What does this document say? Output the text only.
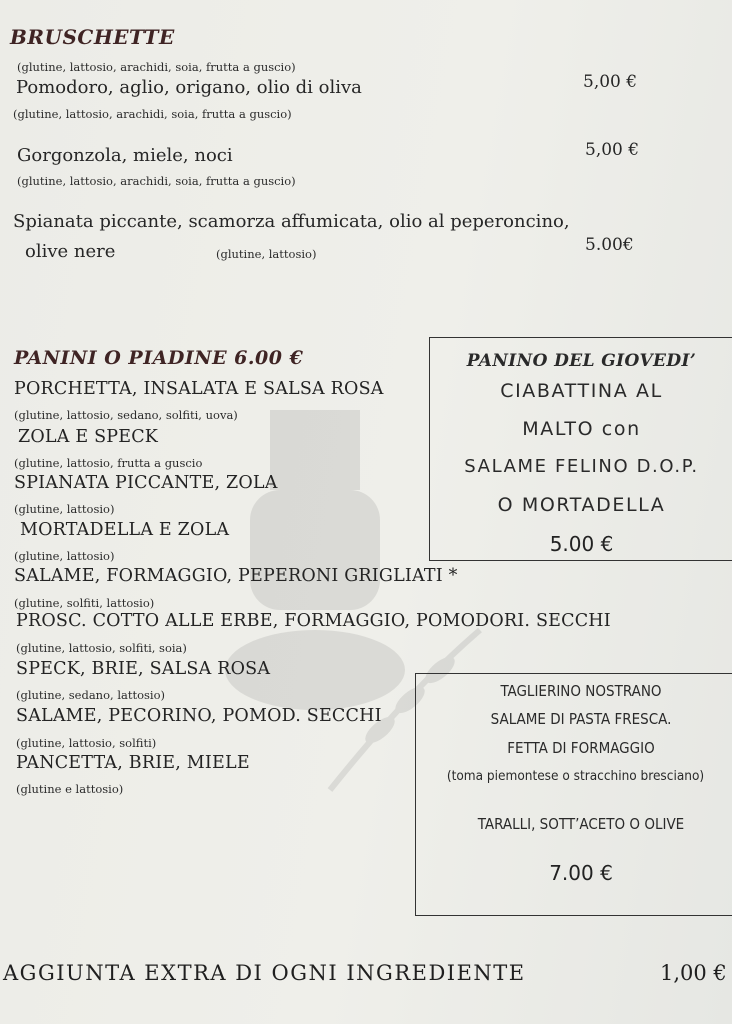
BRUSCHETTE
(glutine, lattosio, arachidi, soia, frutta a guscio)
Pomodoro, aglio, origano, olio di oliva	5,00 €
(glutine, lattosio, arachidi, soia, frutta a guscio)
Gorgonzola, miele, noci	5,00 €
(glutine, lattosio, arachidi, soia, frutta a guscio)
Spianata piccante, scamorza affumicata, olio al peperoncino,
olive nere	(glutine, lattosio)	5.00€
PANINI O PIADINE 6.00 €
PORCHETTA, INSALATA E SALSA ROSA
(glutine, lattosio, sedano, solfiti, uova)
ZOLA E SPECK
(glutine, lattosio, frutta a guscio
SPIANATA PICCANTE, ZOLA
(glutine, lattosio)
MORTADELLA E ZOLA
(glutine, lattosio)
SALAME, FORMAGGIO, PEPERONI GRIGLIATI *
(glutine, solfiti, lattosio)
PROSC. COTTO ALLE ERBE, FORMAGGIO, POMODORI. SECCHI
(glutine, lattosio, solfiti, soia)
SPECK, BRIE, SALSA ROSA
(glutine, sedano, lattosio)
SALAME, PECORINO, POMOD. SECCHI
(glutine, lattosio, solfiti)
PANCETTA, BRIE, MIELE
(glutine e lattosio)
PANINO DEL GIOVEDI’
CIABATTINA AL
MALTO con
SALAME FELINO D.O.P.
O MORTADELLA
5.00 €
TAGLIERINO NOSTRANO
SALAME DI PASTA FRESCA.
FETTA DI FORMAGGIO
(toma piemontese o stracchino bresciano)
TARALLI, SOTT’ACETO O OLIVE
7.00 €
AGGIUNTA EXTRA DI OGNI INGREDIENTE	1,00 €
